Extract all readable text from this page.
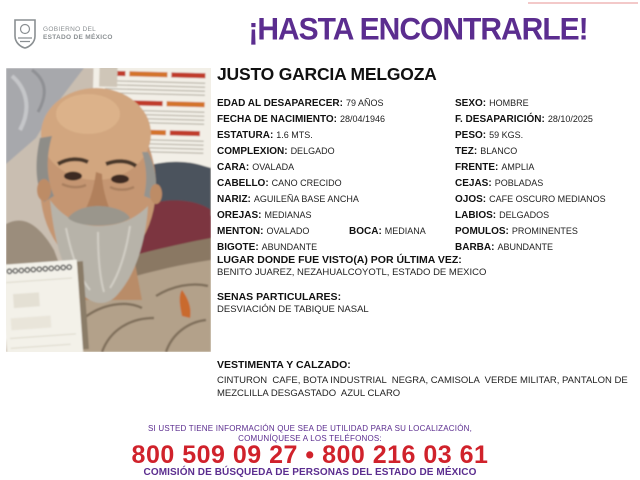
GOBIERNO DEL
ESTADO DE MÉXICO	¡HASTA ENCONTRARLE!
JUSTO GARCIA MELGOZA
EDAD AL DESAPARECER: 79 AÑOS
FECHA DE NACIMIENTO: 28/04/1946
ESTATURA: 1.6 MTS.
COMPLEXION: DELGADO
CARA: OVALADA
CABELLO: CANO CRECIDO
NARIZ: AGUILEÑA BASE ANCHA
OREJAS: MEDIANAS
MENTON: OVALADO
BIGOTE: ABUNDANTE
SEXO: HOMBRE
F. DESAPARICIÓN: 28/10/2025
PESO: 59 KGS.
TEZ: BLANCO
FRENTE: AMPLIA
CEJAS: POBLADAS
OJOS: CAFE OSCURO MEDIANOS
LABIOS: DELGADOS
POMULOS: PROMINENTES
BARBA: ABUNDANTE
BOCA: MEDIANA
LUGAR DONDE FUE VISTO(A) POR ÚLTIMA VEZ:
BENITO JUAREZ, NEZAHUALCOYOTL, ESTADO DE MEXICO
SENAS PARTICULARES:
DESVIACIÓN DE TABIQUE NASAL
VESTIMENTA Y CALZADO:
CINTURON  CAFE, BOTA INDUSTRIAL  NEGRA, CAMISOLA  VERDE MILITAR, PANTALON DE MEZCLILLA DESGASTADO  AZUL CLARO
SI USTED TIENE INFORMACIÓN QUE SEA DE UTILIDAD PARA SU LOCALIZACIÓN,
COMUNÍQUESE A LOS TELÉFONOS:
800 509 09 27 • 800 216 03 61
COMISIÓN DE BÚSQUEDA DE PERSONAS DEL ESTADO DE MÉXICO
